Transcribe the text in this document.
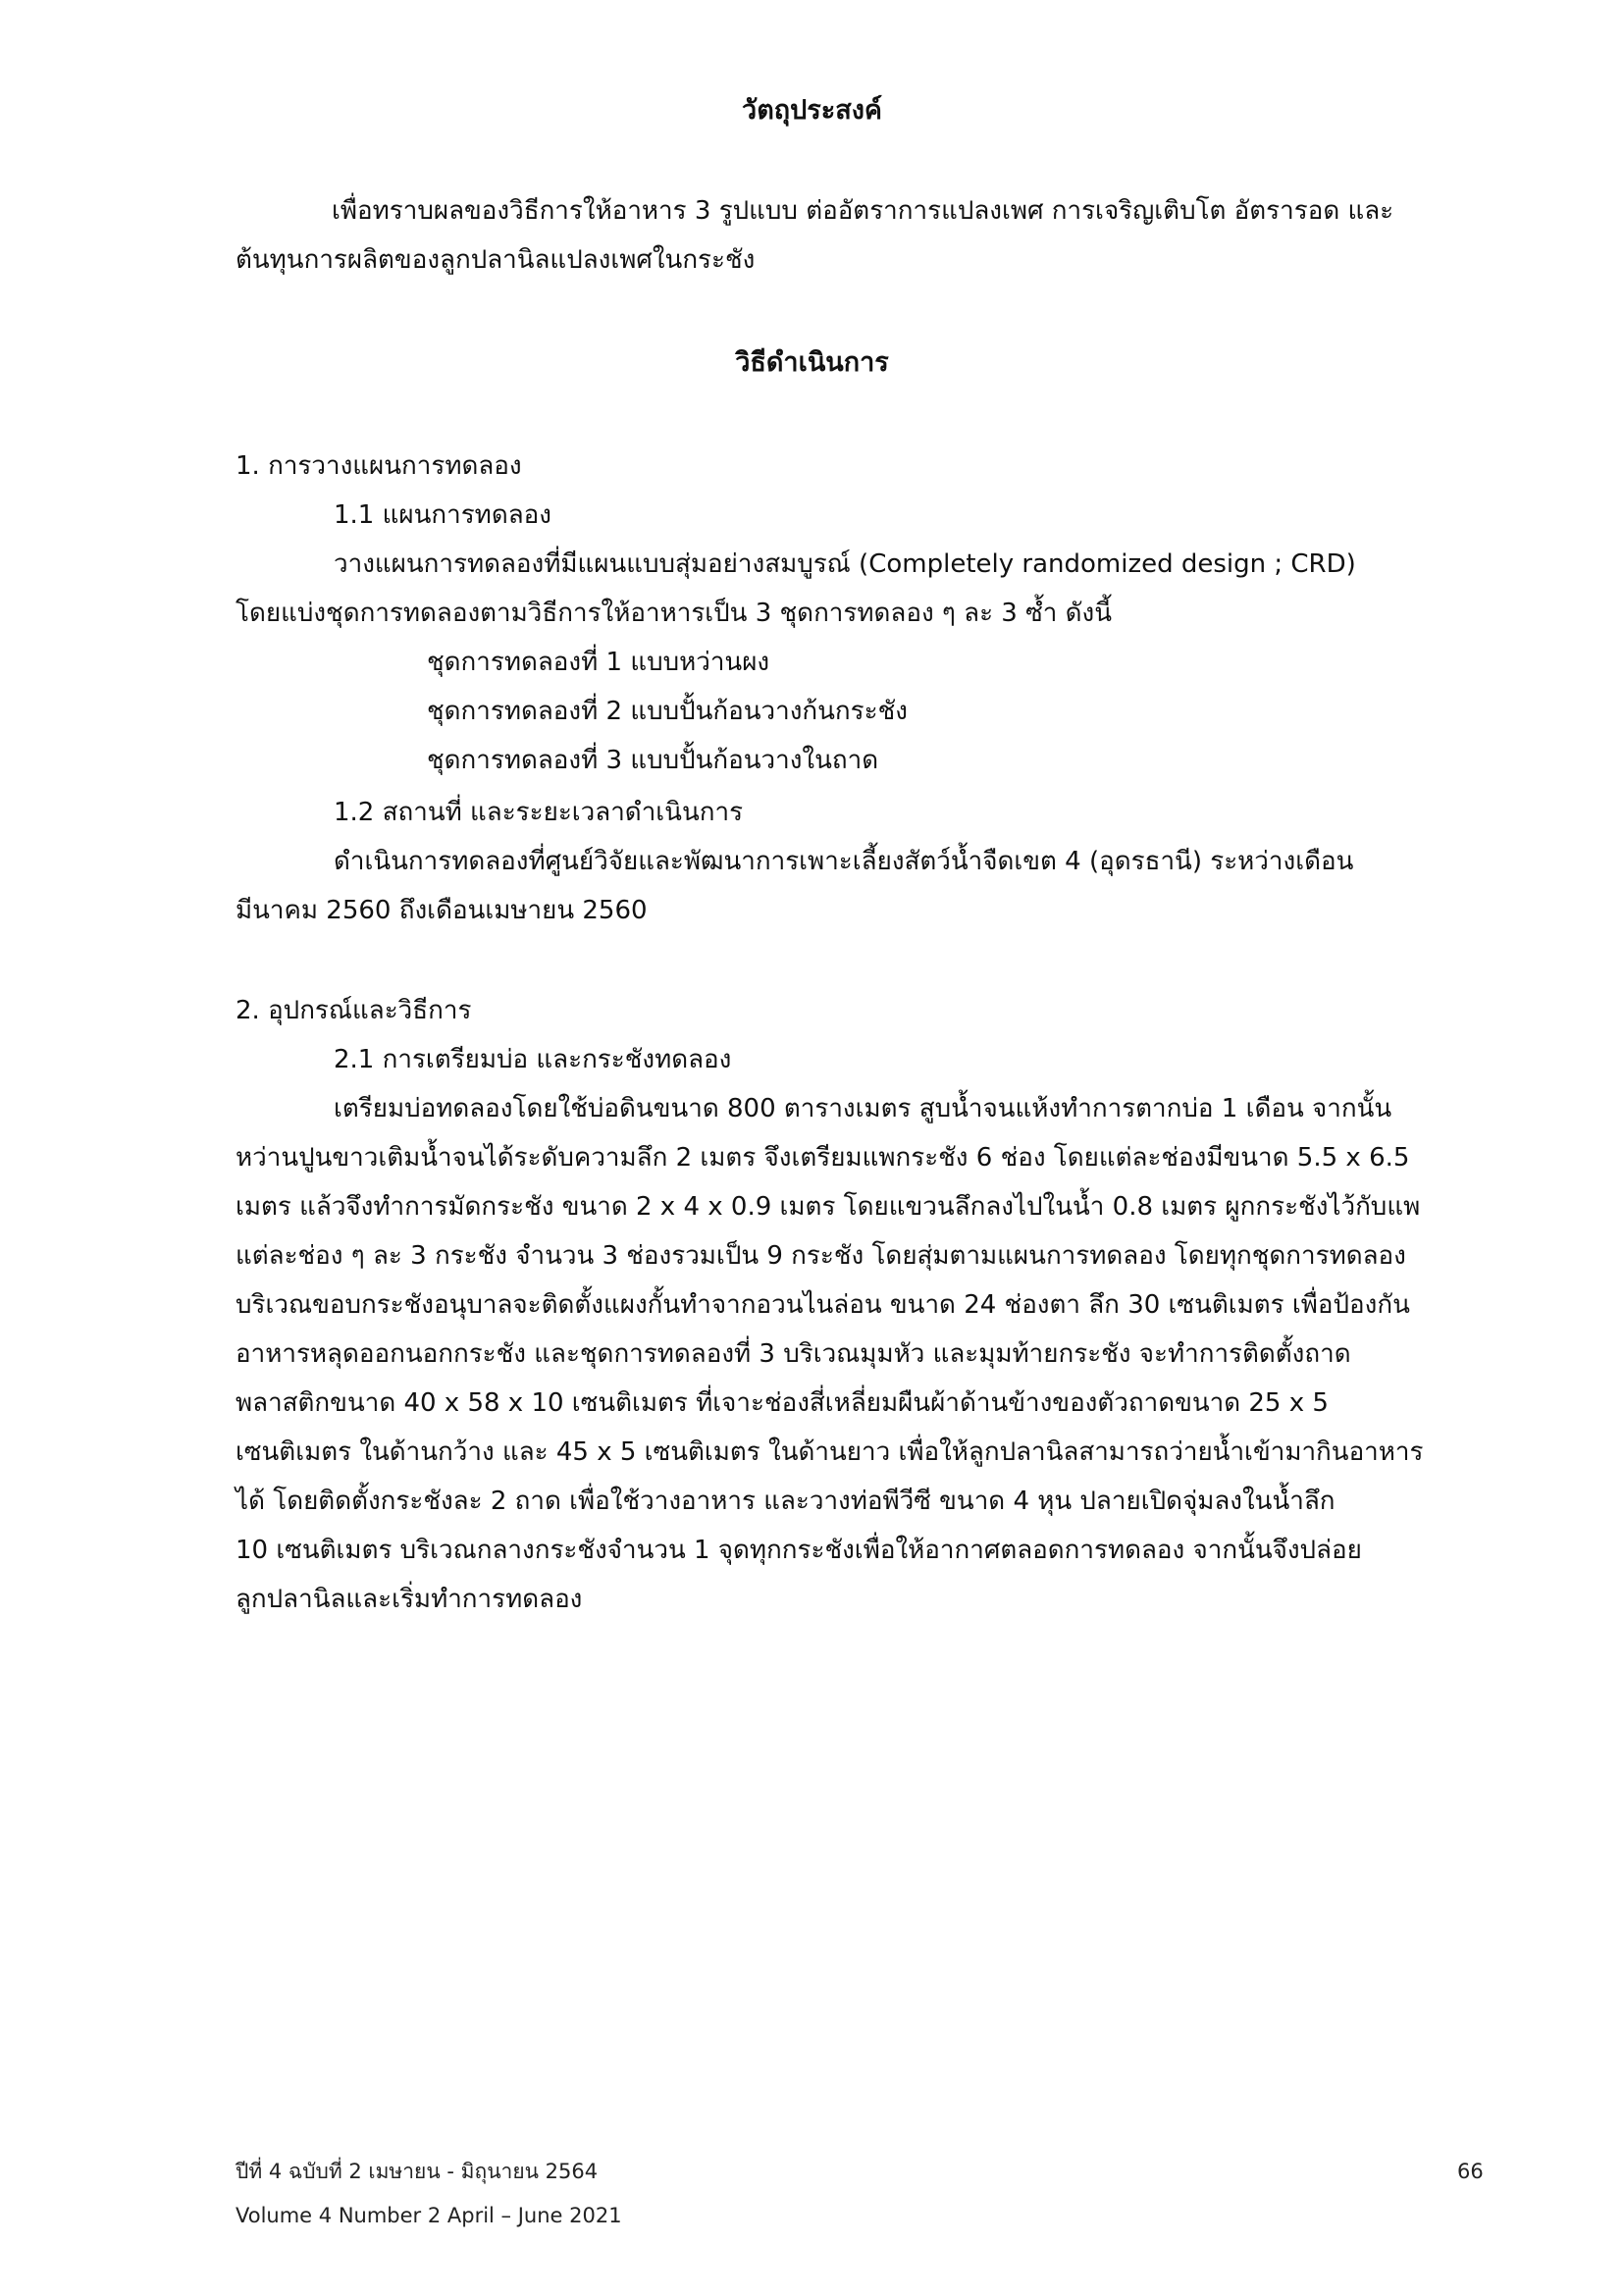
วัตถุประสงค์
เพื่อทราบผลของวิธีการให้อาหาร 3 รูปแบบ ต่ออัตราการแปลงเพศ การเจริญเติบโต อัตรารอด และ
ต้นทุนการผลิตของลูกปลานิลแปลงเพศในกระชัง
วิธีดำเนินการ
1. การวางแผนการทดลอง
1.1 แผนการทดลอง
วางแผนการทดลองที่มีแผนแบบสุ่มอย่างสมบูรณ์ (Completely randomized design ; CRD)
โดยแบ่งชุดการทดลองตามวิธีการให้อาหารเป็น 3 ชุดการทดลอง ๆ ละ 3 ซ้ำ ดังนี้
ชุดการทดลองที่ 1 แบบหว่านผง
ชุดการทดลองที่ 2 แบบปั้นก้อนวางก้นกระชัง
ชุดการทดลองที่ 3 แบบปั้นก้อนวางในถาด
1.2 สถานที่ และระยะเวลาดำเนินการ
ดำเนินการทดลองที่ศูนย์วิจัยและพัฒนาการเพาะเลี้ยงสัตว์น้ำจืดเขต 4 (อุดรธานี) ระหว่างเดือน
มีนาคม 2560 ถึงเดือนเมษายน 2560
2. อุปกรณ์และวิธีการ
2.1 การเตรียมบ่อ และกระชังทดลอง
เตรียมบ่อทดลองโดยใช้บ่อดินขนาด 800 ตารางเมตร สูบน้ำจนแห้งทำการตากบ่อ 1 เดือน จากนั้น
หว่านปูนขาวเติมน้ำจนได้ระดับความลึก 2 เมตร จึงเตรียมแพกระชัง 6 ช่อง โดยแต่ละช่องมีขนาด 5.5 x 6.5
เมตร แล้วจึงทำการมัดกระชัง ขนาด 2 x 4 x 0.9 เมตร โดยแขวนลึกลงไปในน้ำ 0.8 เมตร ผูกกระชังไว้กับแพ
แต่ละช่อง ๆ ละ 3 กระชัง จำนวน 3 ช่องรวมเป็น 9 กระชัง โดยสุ่มตามแผนการทดลอง โดยทุกชุดการทดลอง
บริเวณขอบกระชังอนุบาลจะติดตั้งแผงกั้นทำจากอวนไนล่อน ขนาด 24 ช่องตา ลึก 30 เซนติเมตร เพื่อป้องกัน
อาหารหลุดออกนอกกระชัง และชุดการทดลองที่ 3 บริเวณมุมหัว และมุมท้ายกระชัง จะทำการติดตั้งถาด
พลาสติกขนาด 40 x 58 x 10 เซนติเมตร ที่เจาะช่องสี่เหลี่ยมผืนผ้าด้านข้างของตัวถาดขนาด 25 x 5
เซนติเมตร ในด้านกว้าง และ 45 x 5 เซนติเมตร ในด้านยาว เพื่อให้ลูกปลานิลสามารถว่ายน้ำเข้ามากินอาหาร
ได้ โดยติดตั้งกระชังละ 2 ถาด เพื่อใช้วางอาหาร และวางท่อพีวีซี ขนาด 4 หุน ปลายเปิดจุ่มลงในน้ำลึก
10 เซนติเมตร บริเวณกลางกระชังจำนวน 1 จุดทุกกระชังเพื่อให้อากาศตลอดการทดลอง จากนั้นจึงปล่อย
ลูกปลานิลและเริ่มทำการทดลอง
ปีที่ 4 ฉบับที่ 2 เมษายน - มิถุนายน 2564
Volume 4 Number 2 April – June 2021
66
